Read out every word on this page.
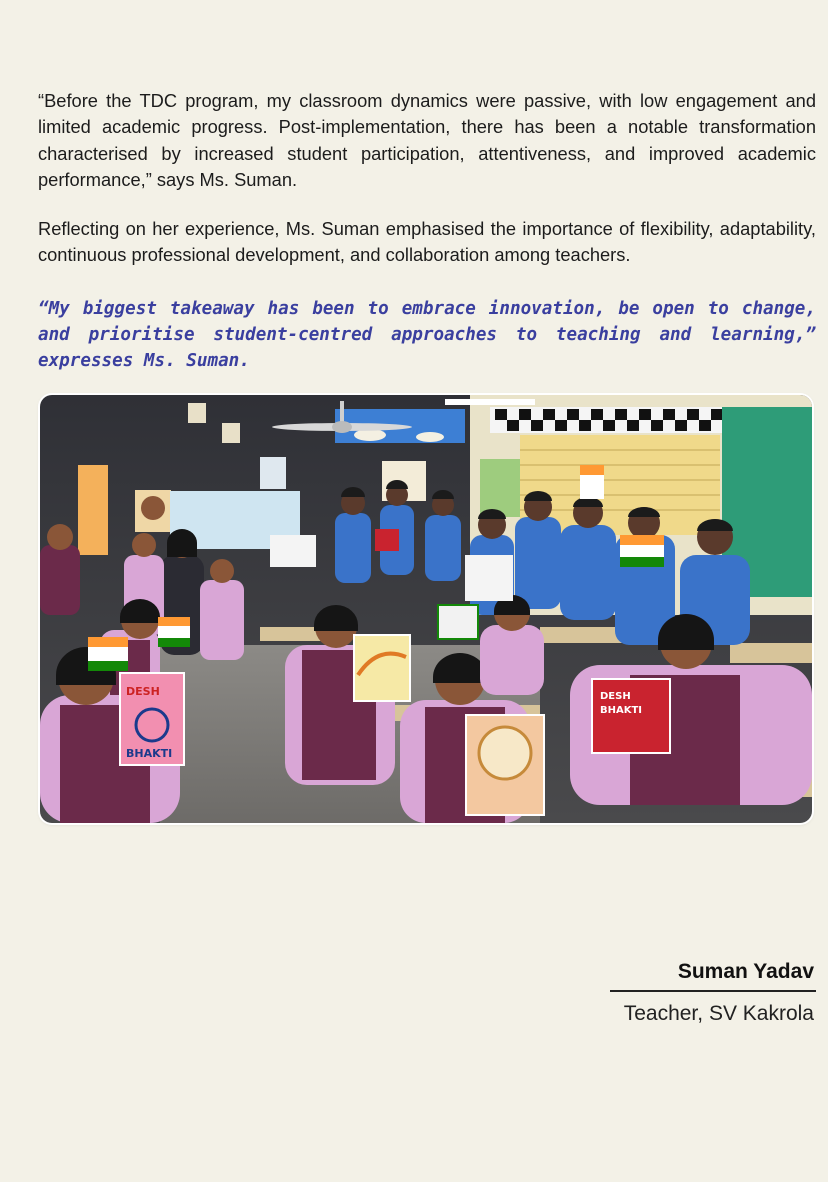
“Before the TDC program, my classroom dynamics were passive, with low engagement and limited academic progress. Post-implementation, there has been a notable transformation characterised by increased student participation, attentiveness, and improved academic performance,” says Ms. Suman.

Reflecting on her experience, Ms. Suman emphasised the importance of flexibility, adaptability, continuous professional development, and collaboration among teachers.

“My biggest takeaway has been to embrace innovation, be open to change, and prioritise student-centred approaches to teaching and learning,” expresses Ms. Suman.

DESH
BHAKTI
DESH
BHAKTI
Suman Yadav
Teacher, SV Kakrola
